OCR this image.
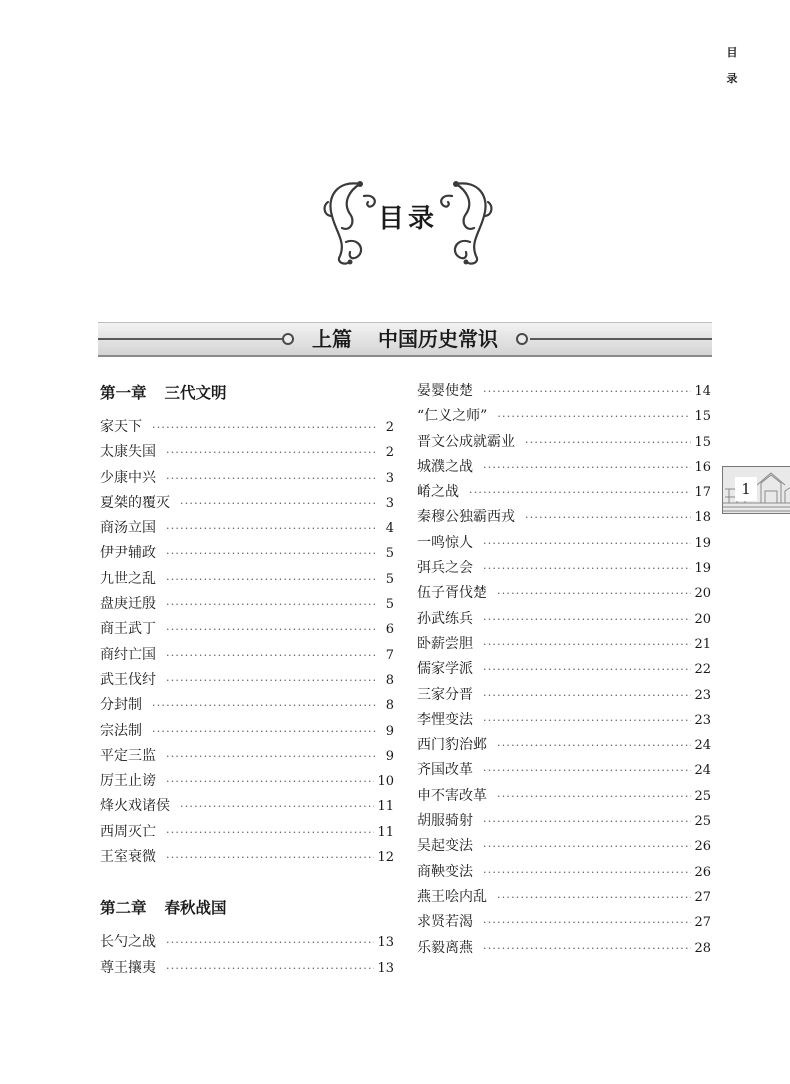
目
录
目录
上篇 中国历史常识
第一章 三代文明
家天下 ·····	2
太康失国 ·····	2
少康中兴 ·····	3
夏桀的覆灭 ·····	3
商汤立国 ·····	4
伊尹辅政 ·····	5
九世之乱 ·····	5
盘庚迁殷 ·····	5
商王武丁 ·····	6
商纣亡国 ·····	7
武王伐纣 ·····	8
分封制 ·····	8
宗法制 ·····	9
平定三监 ·····	9
厉王止谤 ·····	10
烽火戏诸侯 ·····	11
西周灭亡 ·····	11
王室衰微 ·····	12
第二章 春秋战国
长勺之战 ·····	13
尊王攘夷 ·····	13
晏婴使楚 ·····	14
“仁义之师” ·····	15
晋文公成就霸业 ·····	15
城濮之战 ·····	16
崤之战 ·····	17
秦穆公独霸西戎 ·····	18
一鸣惊人 ·····	19
弭兵之会 ·····	19
伍子胥伐楚 ·····	20
孙武练兵 ·····	20
卧薪尝胆 ·····	21
儒家学派 ·····	22
三家分晋 ·····	23
李悝变法 ·····	23
西门豹治邺 ·····	24
齐国改革 ·····	24
申不害改革 ·····	25
胡服骑射 ·····	25
吴起变法 ·····	26
商鞅变法 ·····	26
燕王哙内乱 ·····	27
求贤若渴 ·····	27
乐毅离燕 ·····	28
1
